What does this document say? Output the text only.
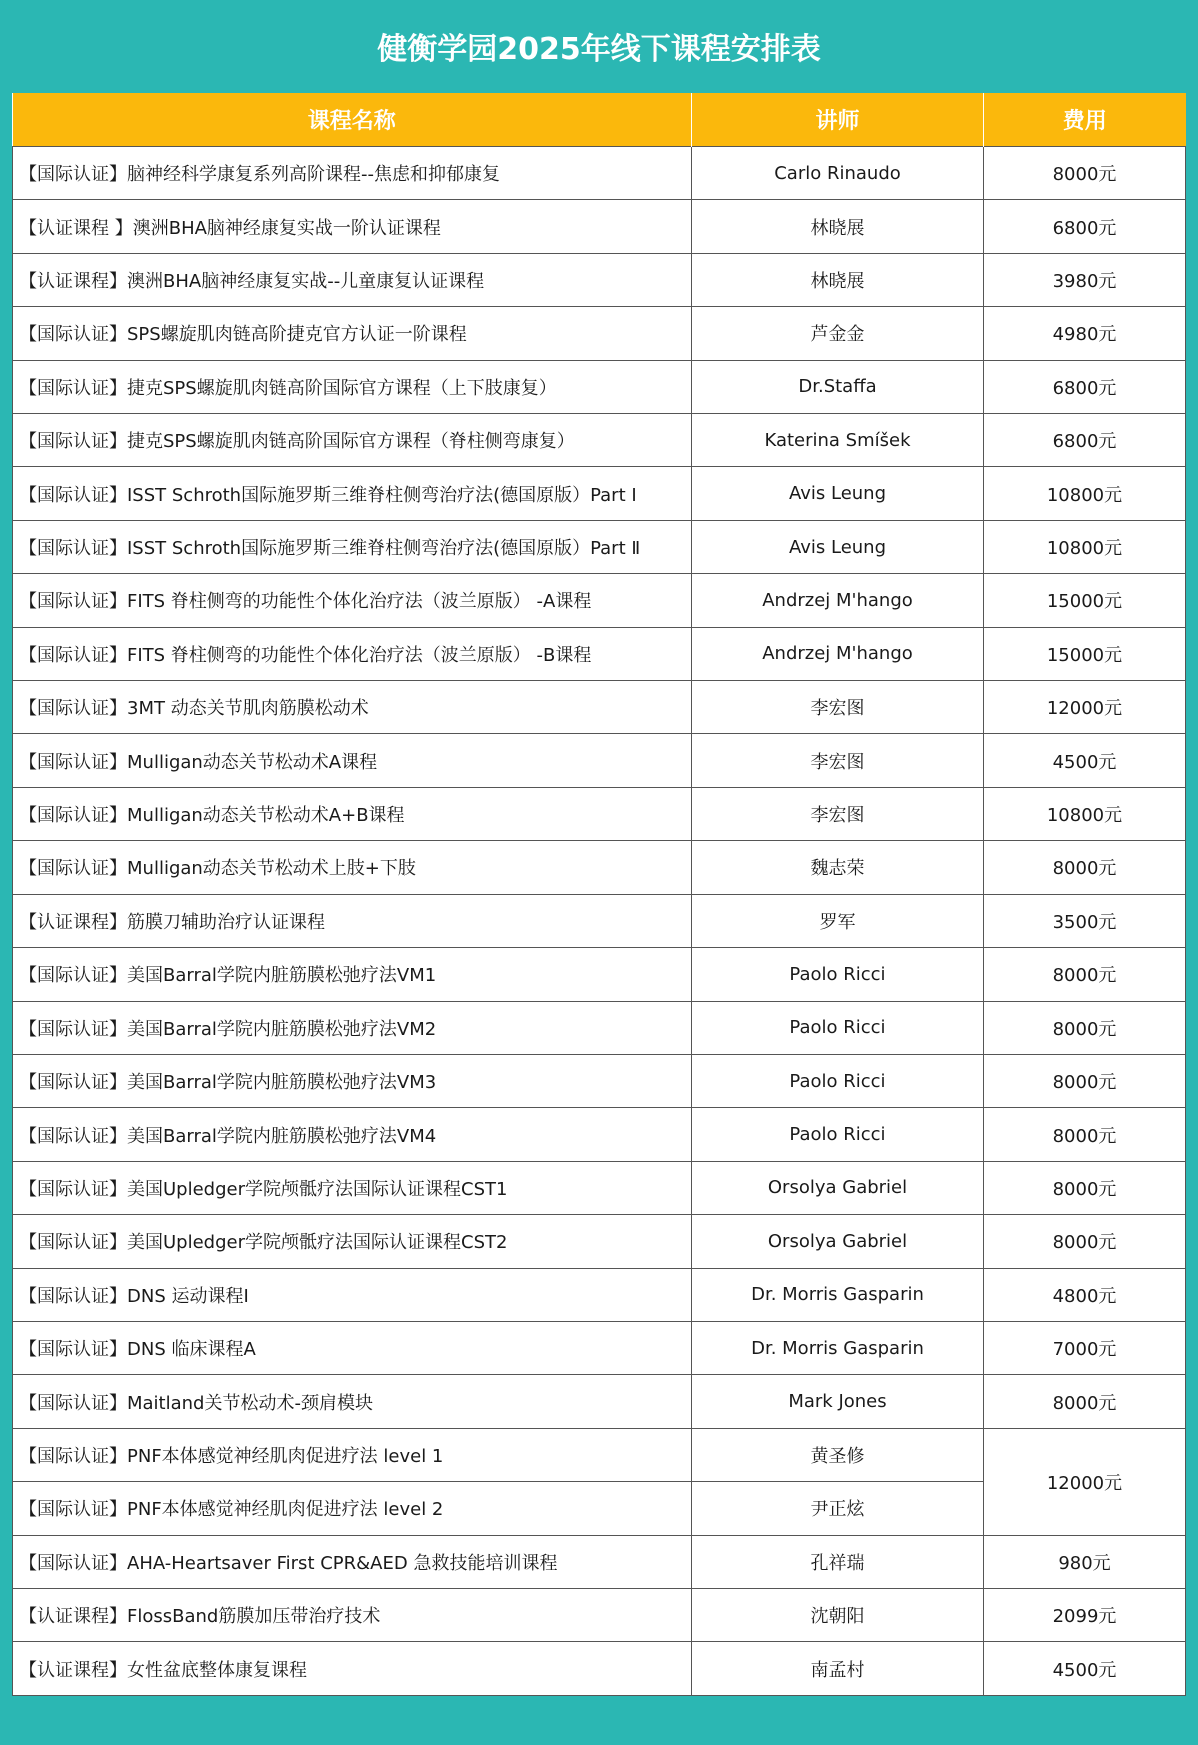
健衡学园2025年线下课程安排表
课程名称	讲师	费用
【国际认证】脑神经科学康复系列高阶课程--焦虑和抑郁康复	Carlo Rinaudo	8000元
【认证课程 】澳洲BHA脑神经康复实战一阶认证课程	林晓展	6800元
【认证课程】澳洲BHA脑神经康复实战--儿童康复认证课程	林晓展	3980元
【国际认证】SPS螺旋肌肉链高阶捷克官方认证一阶课程	芦金金	4980元
【国际认证】捷克SPS螺旋肌肉链高阶国际官方课程（上下肢康复）	Dr.Staffa	6800元
【国际认证】捷克SPS螺旋肌肉链高阶国际官方课程（脊柱侧弯康复）	Katerina Smíšek	6800元
【国际认证】ISST Schroth国际施罗斯三维脊柱侧弯治疗法(德国原版）Part Ⅰ	Avis Leung	10800元
【国际认证】ISST Schroth国际施罗斯三维脊柱侧弯治疗法(德国原版）Part Ⅱ	Avis Leung	10800元
【国际认证】FITS 脊柱侧弯的功能性个体化治疗法（波兰原版） -A课程	Andrzej M'hango	15000元
【国际认证】FITS 脊柱侧弯的功能性个体化治疗法（波兰原版） -B课程	Andrzej M'hango	15000元
【国际认证】3MT 动态关节肌肉筋膜松动术	李宏图	12000元
【国际认证】Mulligan动态关节松动术A课程	李宏图	4500元
【国际认证】Mulligan动态关节松动术A+B课程	李宏图	10800元
【国际认证】Mulligan动态关节松动术上肢+下肢	魏志荣	8000元
【认证课程】筋膜刀辅助治疗认证课程	罗军	3500元
【国际认证】美国Barral学院内脏筋膜松弛疗法VM1	Paolo Ricci	8000元
【国际认证】美国Barral学院内脏筋膜松弛疗法VM2	Paolo Ricci	8000元
【国际认证】美国Barral学院内脏筋膜松弛疗法VM3	Paolo Ricci	8000元
【国际认证】美国Barral学院内脏筋膜松弛疗法VM4	Paolo Ricci	8000元
【国际认证】美国Upledger学院颅骶疗法国际认证课程CST1	Orsolya Gabriel	8000元
【国际认证】美国Upledger学院颅骶疗法国际认证课程CST2	Orsolya Gabriel	8000元
【国际认证】DNS 运动课程I	Dr. Morris Gasparin	4800元
【国际认证】DNS 临床课程A	Dr. Morris Gasparin	7000元
【国际认证】Maitland关节松动术-颈肩模块	Mark Jones	8000元
【国际认证】PNF本体感觉神经肌肉促进疗法 level 1	黄圣修	12000元
【国际认证】PNF本体感觉神经肌肉促进疗法 level 2	尹正炫	
【国际认证】AHA-Heartsaver First CPR&AED 急救技能培训课程	孔祥瑞	980元
【认证课程】FlossBand筋膜加压带治疗技术	沈朝阳	2099元
【认证课程】女性盆底整体康复课程	南孟村	4500元
